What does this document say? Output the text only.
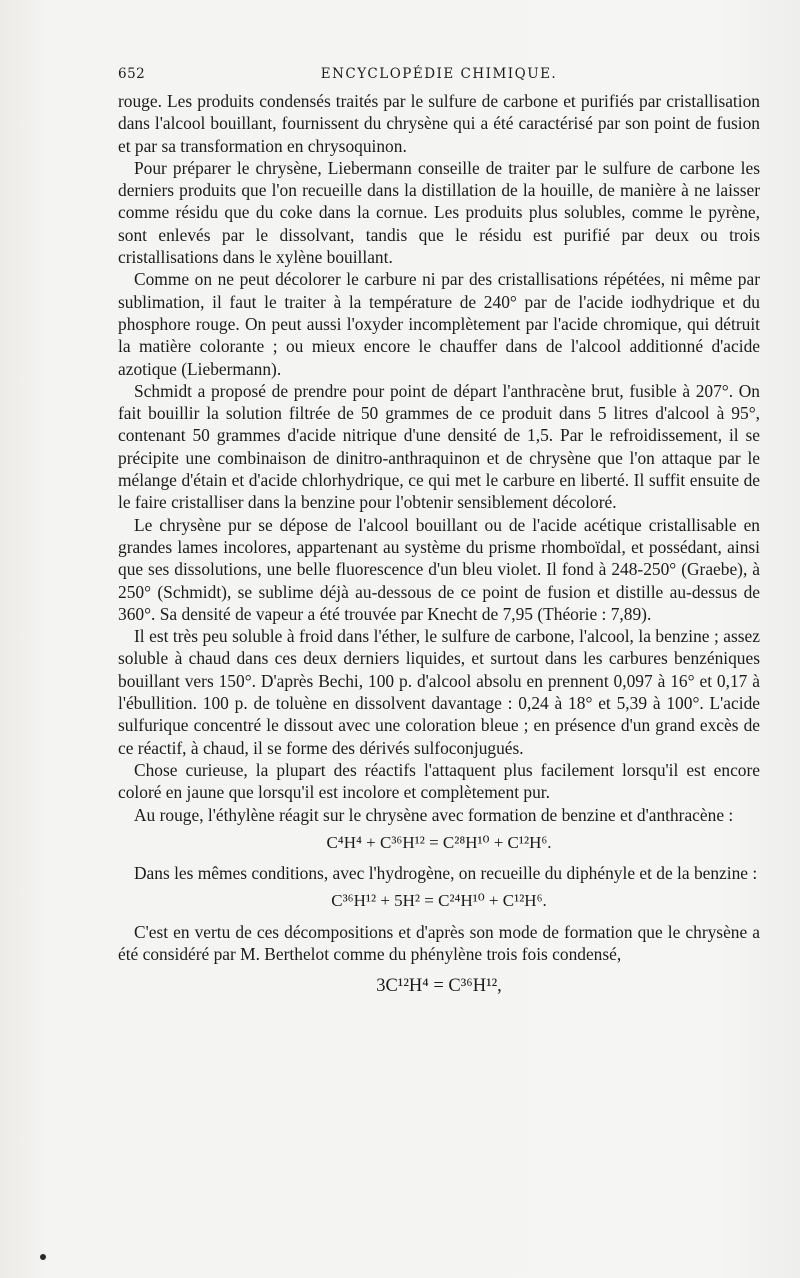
652	ENCYCLOPÉDIE CHIMIQUE.

rouge. Les produits condensés traités par le sulfure de carbone et purifiés par cristallisation dans l'alcool bouillant, fournissent du chrysène qui a été caractérisé par son point de fusion et par sa transformation en chrysoquinon.

Pour préparer le chrysène, Liebermann conseille de traiter par le sulfure de carbone les derniers produits que l'on recueille dans la distillation de la houille, de manière à ne laisser comme résidu que du coke dans la cornue. Les produits plus solubles, comme le pyrène, sont enlevés par le dissolvant, tandis que le résidu est purifié par deux ou trois cristallisations dans le xylène bouillant.

Comme on ne peut décolorer le carbure ni par des cristallisations répétées, ni même par sublimation, il faut le traiter à la température de 240° par de l'acide iodhydrique et du phosphore rouge. On peut aussi l'oxyder incomplètement par l'acide chromique, qui détruit la matière colorante ; ou mieux encore le chauffer dans de l'alcool additionné d'acide azotique (Liebermann).

Schmidt a proposé de prendre pour point de départ l'anthracène brut, fusible à 207°. On fait bouillir la solution filtrée de 50 grammes de ce produit dans 5 litres d'alcool à 95°, contenant 50 grammes d'acide nitrique d'une densité de 1,5. Par le refroidissement, il se précipite une combinaison de dinitro-anthraquinon et de chrysène que l'on attaque par le mélange d'étain et d'acide chlorhydrique, ce qui met le carbure en liberté. Il suffit ensuite de le faire cristalliser dans la benzine pour l'obtenir sensiblement décoloré.

Le chrysène pur se dépose de l'alcool bouillant ou de l'acide acétique cristallisable en grandes lames incolores, appartenant au système du prisme rhomboïdal, et possédant, ainsi que ses dissolutions, une belle fluorescence d'un bleu violet. Il fond à 248-250° (Graebe), à 250° (Schmidt), se sublime déjà au-dessous de ce point de fusion et distille au-dessus de 360°. Sa densité de vapeur a été trouvée par Knecht de 7,95 (Théorie : 7,89).

Il est très peu soluble à froid dans l'éther, le sulfure de carbone, l'alcool, la benzine ; assez soluble à chaud dans ces deux derniers liquides, et surtout dans les carbures benzéniques bouillant vers 150°. D'après Bechi, 100 p. d'alcool absolu en prennent 0,097 à 16° et 0,17 à l'ébullition. 100 p. de toluène en dissolvent davantage : 0,24 à 18° et 5,39 à 100°. L'acide sulfurique concentré le dissout avec une coloration bleue ; en présence d'un grand excès de ce réactif, à chaud, il se forme des dérivés sulfoconjugués.

Chose curieuse, la plupart des réactifs l'attaquent plus facilement lorsqu'il est encore coloré en jaune que lorsqu'il est incolore et complètement pur.

Au rouge, l'éthylène réagit sur le chrysène avec formation de benzine et d'anthracène :

C⁴H⁴ + C³⁶H¹² = C²⁸H¹⁰ + C¹²H⁶.

Dans les mêmes conditions, avec l'hydrogène, on recueille du diphényle et de la benzine :

C³⁶H¹² + 5H² = C²⁴H¹⁰ + C¹²H⁶.

C'est en vertu de ces décompositions et d'après son mode de formation que le chrysène a été considéré par M. Berthelot comme du phénylène trois fois condensé,

3C¹²H⁴ = C³⁶H¹²,
